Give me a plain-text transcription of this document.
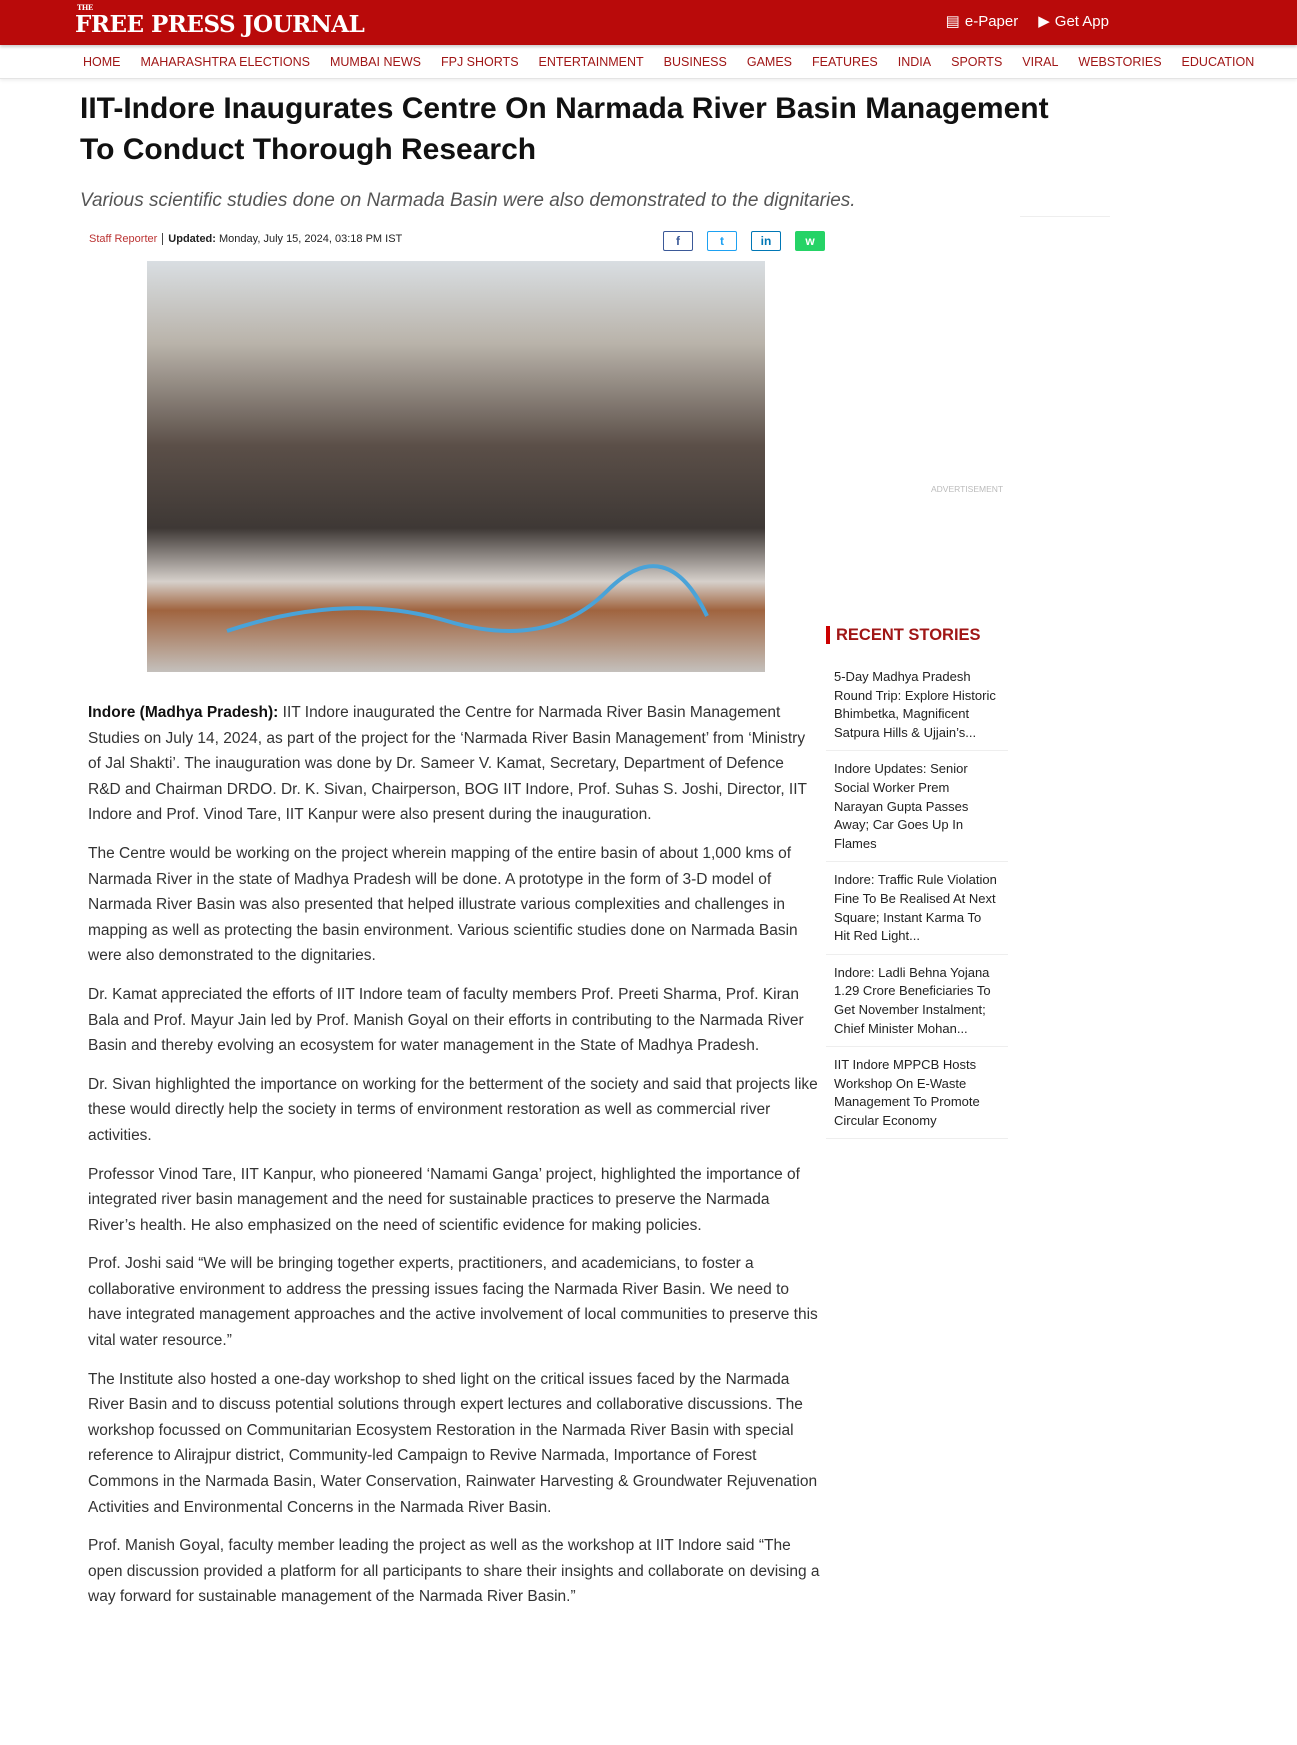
THE
FREE PRESS JOURNAL	▤ e-Paper ▶ Get App
HOME MAHARASHTRA ELECTIONS MUMBAI NEWS FPJ SHORTS ENTERTAINMENT BUSINESS GAMES FEATURES INDIA SPORTS VIRAL WEBSTORIES EDUCATION
IIT-Indore Inaugurates Centre On Narmada River Basin Management To Conduct Thorough Research
Various scientific studies done on Narmada Basin were also demonstrated to the dignitaries.
Staff Reporter	Updated:
Monday, July 15, 2024, 03:18 PM IST	f	t	in	w

Indore (Madhya Pradesh): IIT Indore inaugurated the Centre for Narmada River Basin Management Studies on July 14, 2024, as part of the project for the ‘Narmada River Basin Management’ from ‘Ministry of Jal Shakti’. The inauguration was done by Dr. Sameer V. Kamat, Secretary, Department of Defence R&D and Chairman DRDO. Dr. K. Sivan, Chairperson, BOG IIT Indore, Prof. Suhas S. Joshi, Director, IIT Indore and Prof. Vinod Tare, IIT Kanpur were also present during the inauguration.

The Centre would be working on the project wherein mapping of the entire basin of about 1,000 kms of Narmada River in the state of Madhya Pradesh will be done. A prototype in the form of 3-D model of Narmada River Basin was also presented that helped illustrate various complexities and challenges in mapping as well as protecting the basin environment. Various scientific studies done on Narmada Basin were also demonstrated to the dignitaries.

Dr. Kamat appreciated the efforts of IIT Indore team of faculty members Prof. Preeti Sharma, Prof. Kiran Bala and Prof. Mayur Jain led by Prof. Manish Goyal on their efforts in contributing to the Narmada River Basin and thereby evolving an ecosystem for water management in the State of Madhya Pradesh.

Dr. Sivan highlighted the importance on working for the betterment of the society and said that projects like these would directly help the society in terms of environment restoration as well as commercial river activities.

Professor Vinod Tare, IIT Kanpur, who pioneered ‘Namami Ganga’ project, highlighted the importance of integrated river basin management and the need for sustainable practices to preserve the Narmada River’s health. He also emphasized on the need of scientific evidence for making policies.

Prof. Joshi said “We will be bringing together experts, practitioners, and academicians, to foster a collaborative environment to address the pressing issues facing the Narmada River Basin. We need to have integrated management approaches and the active involvement of local communities to preserve this vital water resource.”

The Institute also hosted a one-day workshop to shed light on the critical issues faced by the Narmada River Basin and to discuss potential solutions through expert lectures and collaborative discussions. The workshop focussed on Communitarian Ecosystem Restoration in the Narmada River Basin with special reference to Alirajpur district, Community-led Campaign to Revive Narmada, Importance of Forest Commons in the Narmada Basin, Water Conservation, Rainwater Harvesting & Groundwater Rejuvenation Activities and Environmental Concerns in the Narmada River Basin.

Prof. Manish Goyal, faculty member leading the project as well as the workshop at IIT Indore said “The open discussion provided a platform for all participants to share their insights and collaborate on devising a way forward for sustainable management of the Narmada River Basin.”

ADVERTISEMENT
RECENT STORIES
5-Day Madhya Pradesh Round Trip: Explore Historic Bhimbetka, Magnificent Satpura Hills & Ujjain’s...
Indore Updates: Senior Social Worker Prem Narayan Gupta Passes Away; Car Goes Up In Flames
Indore: Traffic Rule Violation Fine To Be Realised At Next Square; Instant Karma To Hit Red Light...
Indore: Ladli Behna Yojana 1.29 Crore Beneficiaries To Get November Instalment; Chief Minister Mohan...
IIT Indore MPPCB Hosts Workshop On E-Waste Management To Promote Circular Economy
